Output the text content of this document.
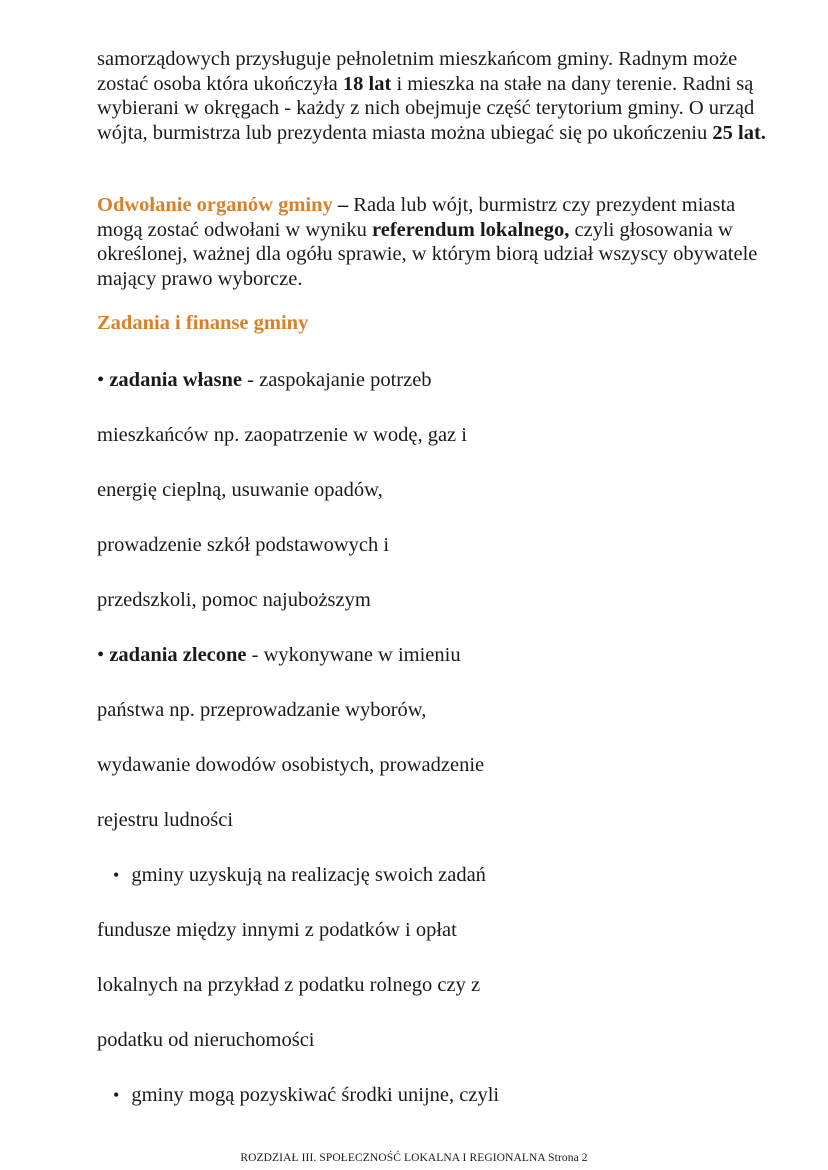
samorządowych przysługuje pełnoletnim mieszkańcom gminy. Radnym może zostać osoba która ukończyła 18 lat i mieszka na stałe na dany terenie. Radni są wybierani w okręgach - każdy z nich obejmuje część terytorium gminy. O urząd wójta, burmistrza lub prezydenta miasta można ubiegać się po ukończeniu 25 lat.

Odwołanie organów gminy – Rada lub wójt, burmistrz czy prezydent miasta mogą zostać odwołani w wyniku referendum lokalnego, czyli głosowania w określonej, ważnej dla ogółu sprawie, w którym biorą udział wszyscy obywatele mający prawo wyborcze.

Zadania i finanse gminy

• zadania własne - zaspokajanie potrzeb

mieszkańców np. zaopatrzenie w wodę, gaz i

energię cieplną, usuwanie opadów,

prowadzenie szkół podstawowych i

przedszkoli, pomoc najuboższym

• zadania zlecone - wykonywane w imieniu

państwa np. przeprowadzanie wyborów,

wydawanie dowodów osobistych, prowadzenie

rejestru ludności

• gminy uzyskują na realizację swoich zadań

fundusze między innymi z podatków i opłat

lokalnych na przykład z podatku rolnego czy z

podatku od nieruchomości

• gminy mogą pozyskiwać środki unijne, czyli

ROZDZIAŁ III. SPOŁECZNOŚĆ LOKALNA I REGIONALNA Strona 2
